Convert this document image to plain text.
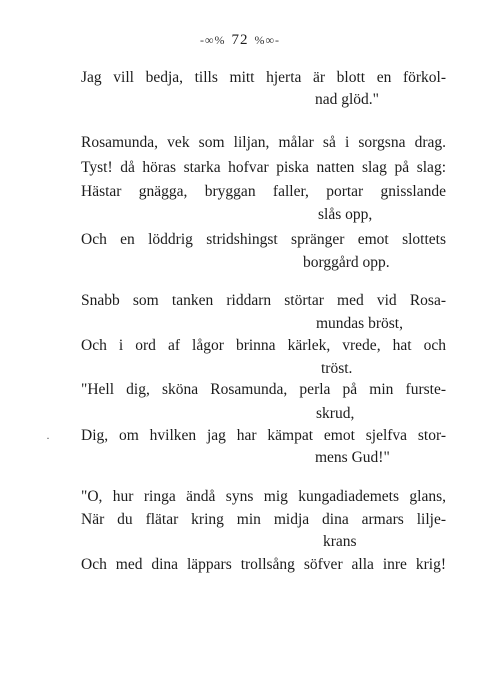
-∞% 72 %∞-
Jag vill bedja, tills mitt hjerta är blott en förkol-
nad glöd."
Rosamunda, vek som liljan, målar så i sorgsna drag.
Tyst! då höras starka hofvar piska natten slag på slag:
Hästar gnägga, bryggan faller, portar gnisslande
slås opp,
Och en löddrig stridshingst spränger emot slottets
borggård opp.
Snabb som tanken riddarn störtar med vid Rosa-
mundas bröst,
Och i ord af lågor brinna kärlek, vrede, hat och
tröst.
"Hell dig, sköna Rosamunda, perla på min furste-
skrud,
Dig, om hvilken jag har kämpat emot sjelfva stor-
mens Gud!"
"O, hur ringa ändå syns mig kungadiademets glans,
När du flätar kring min midja dina armars lilje-
krans
Och med dina läppars trollsång söfver alla inre krig!
·
